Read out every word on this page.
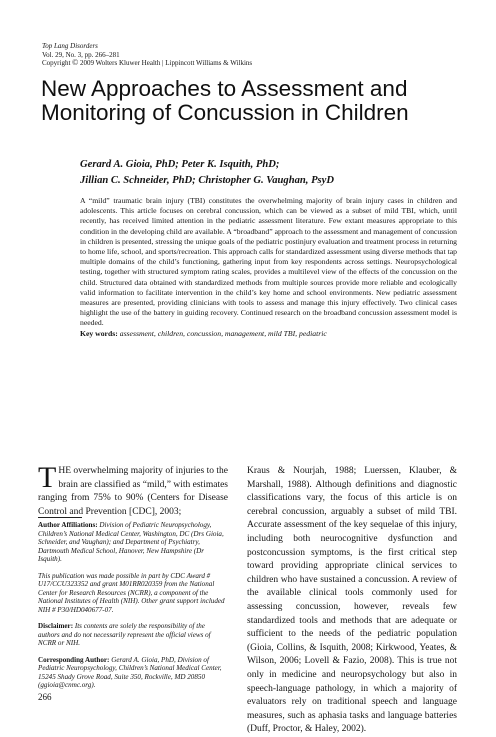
Top Lang Disorders
Vol. 29, No. 3, pp. 266–281
Copyright © 2009 Wolters Kluwer Health | Lippincott Williams & Wilkins
New Approaches to Assessment and Monitoring of Concussion in Children
Gerard A. Gioia, PhD; Peter K. Isquith, PhD;
Jillian C. Schneider, PhD; Christopher G. Vaughan, PsyD
A “mild” traumatic brain injury (TBI) constitutes the overwhelming majority of brain injury cases in children and adolescents. This article focuses on cerebral concussion, which can be viewed as a subset of mild TBI, which, until recently, has received limited attention in the pediatric assessment literature. Few extant measures appropriate to this condition in the developing child are available. A “broadband” approach to the assessment and management of concussion in children is presented, stressing the unique goals of the pediatric postinjury evaluation and treatment process in returning to home life, school, and sports/recreation. This approach calls for standardized assessment using diverse methods that tap multiple domains of the child’s functioning, gathering input from key respondents across settings. Neuropsychological testing, together with structured symptom rating scales, provides a multilevel view of the effects of the concussion on the child. Structured data obtained with standardized methods from multiple sources provide more reliable and ecologically valid information to facilitate intervention in the child’s key home and school environments. New pediatric assessment measures are presented, providing clinicians with tools to assess and manage this injury effectively. Two clinical cases highlight the use of the battery in guiding recovery. Continued research on the broadband concussion assessment model is needed.
Key words: assessment, children, concussion, management, mild TBI, pediatric
THE overwhelming majority of injuries to the brain are classified as “mild,” with estimates ranging from 75% to 90% (Centers for Disease Control and Prevention [CDC], 2003;

Author Affiliations: Division of Pediatric Neuropsychology, Children’s National Medical Center, Washington, DC (Drs Gioia, Schneider, and Vaughan); and Department of Psychiatry, Dartmouth Medical School, Hanover, New Hampshire (Dr Isquith).

This publication was made possible in part by CDC Award # U17/CCU323352 and grant M01RR020359 from the National Center for Research Resources (NCRR), a component of the National Institutes of Health (NIH). Other grant support included NIH # P30/HD040677-07.

Disclaimer: Its contents are solely the responsibility of the authors and do not necessarily represent the official views of NCRR or NIH.

Corresponding Author: Gerard A. Gioia, PhD, Division of Pediatric Neuropsychology, Children’s National Medical Center, 15245 Shady Grove Road, Suite 350, Rockville, MD 20850 (ggioia@cnmc.org).

Kraus & Nourjah, 1988; Luerssen, Klauber, & Marshall, 1988). Although definitions and diagnostic classifications vary, the focus of this article is on cerebral concussion, arguably a subset of mild TBI. Accurate assessment of the key sequelae of this injury, including both neurocognitive dysfunction and postconcussion symptoms, is the first critical step toward providing appropriate clinical services to children who have sustained a concussion. A review of the available clinical tools commonly used for assessing concussion, however, reveals few standardized tools and methods that are adequate or sufficient to the needs of the pediatric population (Gioia, Collins, & Isquith, 2008; Kirkwood, Yeates, & Wilson, 2006; Lovell & Fazio, 2008). This is true not only in medicine and neuropsychology but also in speech-language pathology, in which a majority of evaluators rely on traditional speech and language measures, such as aphasia tasks and language batteries (Duff, Proctor, & Haley, 2002).
266
